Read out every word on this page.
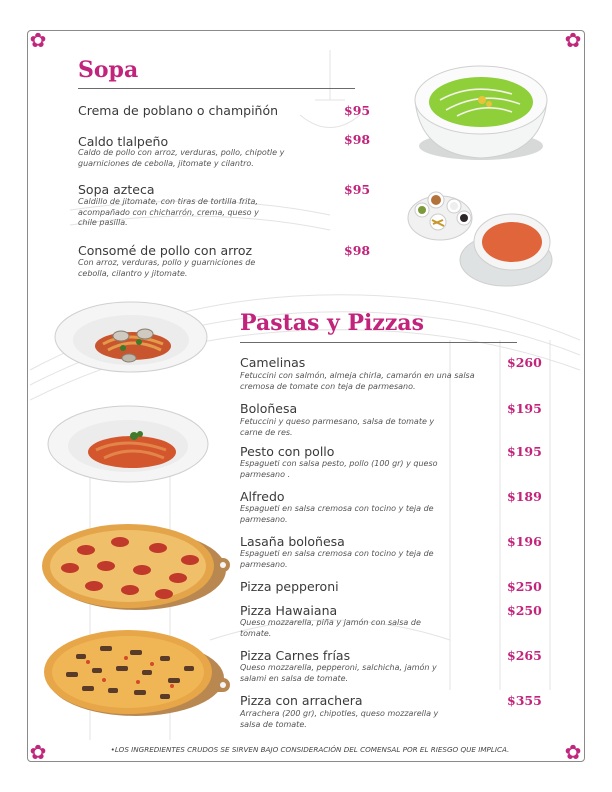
✿	✿
✿	✿
Sopa
Crema de poblano o champiñón	$95
Caldo tlalpeño	$98
Caldo de pollo con arroz, verduras, pollo, chipotle y guarniciones de cebolla, jitomate y cilantro.
Sopa azteca	$95
Caldillo de jitomate, con tiras de tortilla frita, acompañado con chicharrón, crema, queso y chile pasilla.
Consomé de pollo con arroz	$98
Con arroz, verduras, pollo y guarniciones de cebolla, cilantro y jitomate.
Pastas y Pizzas
Camelinas	$260
Fetuccini con salmón, almeja chirla, camarón en una salsa cremosa de tomate con teja de parmesano.
Boloñesa	$195
Fetuccini y queso parmesano, salsa de tomate y carne de res.
Pesto con pollo	$195
Espagueti con salsa pesto, pollo (100 gr) y queso parmesano .
Alfredo	$189
Espagueti en salsa cremosa con tocino y teja de parmesano.
Lasaña boloñesa	$196
Espagueti en salsa cremosa con tocino y teja de parmesano.
Pizza pepperoni	$250
Pizza Hawaiana	$250
Queso mozzarella, piña y jamón con salsa de tomate.
Pizza Carnes frías	$265
Queso mozzarella, pepperoni, salchicha, jamón y salami en salsa de tomate.
Pizza con arrachera	$355
Arrachera (200 gr), chipotles, queso mozzarella y salsa de tomate.
•LOS INGREDIENTES CRUDOS SE SIRVEN BAJO CONSIDERACIÓN DEL COMENSAL POR EL RIESGO QUE IMPLICA.
